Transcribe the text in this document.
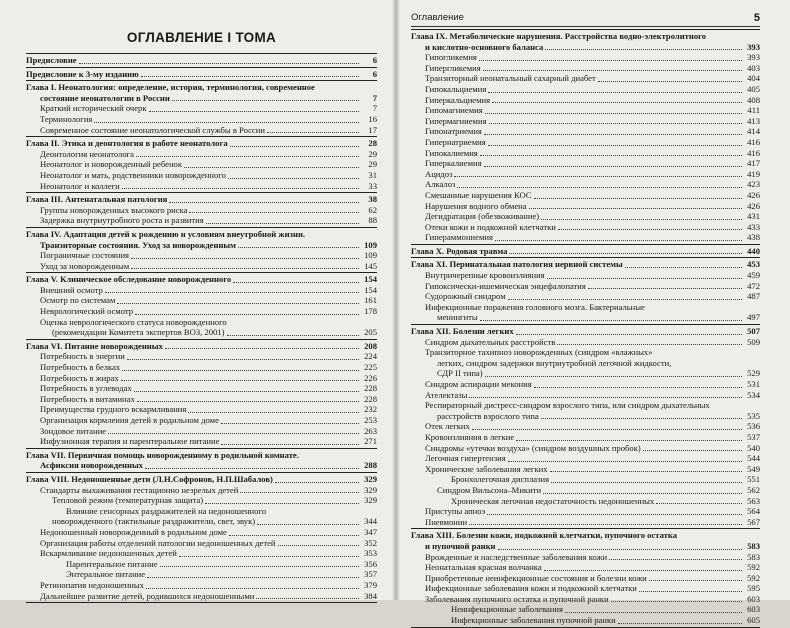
ОГЛАВЛЕНИЕ I ТОМА
Предисловие	6
Предисловие к 3-му изданию	6
Глава I. Неонатология: определение, история, терминология, современное
состояние неонатологии в России	7
Краткий исторический очерк	7
Терминология	16
Современное состояние неонатологической службы в России	17
Глава II. Этика и деонтология в работе неонатолога	28
Деонтология неонатолога	29
Неонатолог и новорожденный ребенок	29
Неонатолог и мать, родственники новорожденного	31
Неонатолог и коллеги	33
Глава III. Антенатальная патология	38
Группы новорожденных высокого риска	62
Задержка внутриутробного роста и развития	88
Глава IV. Адаптация детей к рождению и условиям внеутробной жизни.
Транзиторные состояния. Уход за новорожденным	109
Пограничные состояния	109
Уход за новорожденным	145
Глава V. Клиническое обследование новорожденного	154
Внешний осмотр	154
Осмотр по системам	161
Неврологический осмотр	178
Оценка неврологического статуса новорожденного
(рекомендации Комитета экспертов ВОЗ, 2001)	205
Глава VI. Питание новорожденных	208
Потребность в энергии	224
Потребность в белках	225
Потребность в жирах	226
Потребность в углеводах	228
Потребность в витаминах	228
Преимущества грудного вскармливания	232
Организация кормления детей в родильном доме	253
Зондовое питание	263
Инфузионная терапия и парентеральное питание	271
Глава VII. Первичная помощь новорожденному в родильной комнате.
Асфиксия новорожденных	288
Глава VIII. Недоношенные дети (Л.Н.Софронов, Н.П.Шабалов)	329
Стандарты выхаживания гестационно незрелых детей	329
Тепловой режим (температурная защита)	329
Влияние сенсорных раздражителей на недоношенного
новорожденного (тактильные раздражители, свет, звук)	344
Недоношенный новорожденный в родильном доме	347
Организация работы отделений патологии недоношенных детей	352
Вскармливание недоношенных детей	353
Парентеральное питание	356
Энтеральное питание	357
Ретинопатия недоношенных	379
Дальнейшее развитие детей, родившихся недоношенными	384
Оглавление	5
Глава IX. Метаболические нарушения. Расстройства водно-электролитного
и кислотно-основного баланса	393
Гипогликемия	393
Гипергликемия	403
Транзиторный неонатальный сахарный диабет	404
Гипокальциемия	405
Гиперкальциемия	408
Гипомагниемия	411
Гипермагниемия	413
Гипонатриемия	414
Гипернатриемия	416
Гипокалиемия	416
Гиперкалиемия	417
Ацидоз	419
Алкалоз	423
Смешанные нарушения КОС	426
Нарушения водного обмена	426
Дегидратация (обезвоживание)	431
Отеки кожи и подкожной клетчатки	433
Гипераммониемия	438
Глава X. Родовая травма	440
Глава XI. Перинатальная патология нервной системы	453
Внутричерепные кровоизлияния	459
Гипоксически-ишемическая энцефалопатия	472
Судорожный синдром	487
Инфекционные поражения головного мозга. Бактериальные
менингиты	497
Глава XII. Болезни легких	507
Синдром дыхательных расстройств	509
Транзиторное тахипноэ новорожденных (синдром «влажных»
легких, синдром задержки внутриутробной легочной жидкости,
СДР II типа)	529
Синдром аспирации мекония	531
Ателектазы	534
Респираторный дистресс-синдром взрослого типа, или синдром дыхательных
расстройств взрослого типа	535
Отек легких	536
Кровоизлияния в легкие	537
Синдромы «утечки воздуха» (синдром воздушных пробок)	540
Легочная гипертензия	544
Хронические заболевания легких	549
Бронхолегочная дисплазия	551
Синдром Вильсона–Микити	562
Хроническая легочная недостаточность недоношенных	563
Приступы апноэ	564
Пневмонии	567
Глава XIII. Болезни кожи, подкожной клетчатки, пупочного остатка
и пупочной ранки	583
Врожденные и наследственные заболевания кожи	583
Неонатальная красная волчанка	592
Приобретенные неинфекционные состояния и болезни кожи	592
Инфекционные заболевания кожи и подкожной клетчатки	595
Заболевания пупочного остатка и пупочной ранки	603
Неинфекционные заболевания	603
Инфекционные заболевания пупочной ранки	605
